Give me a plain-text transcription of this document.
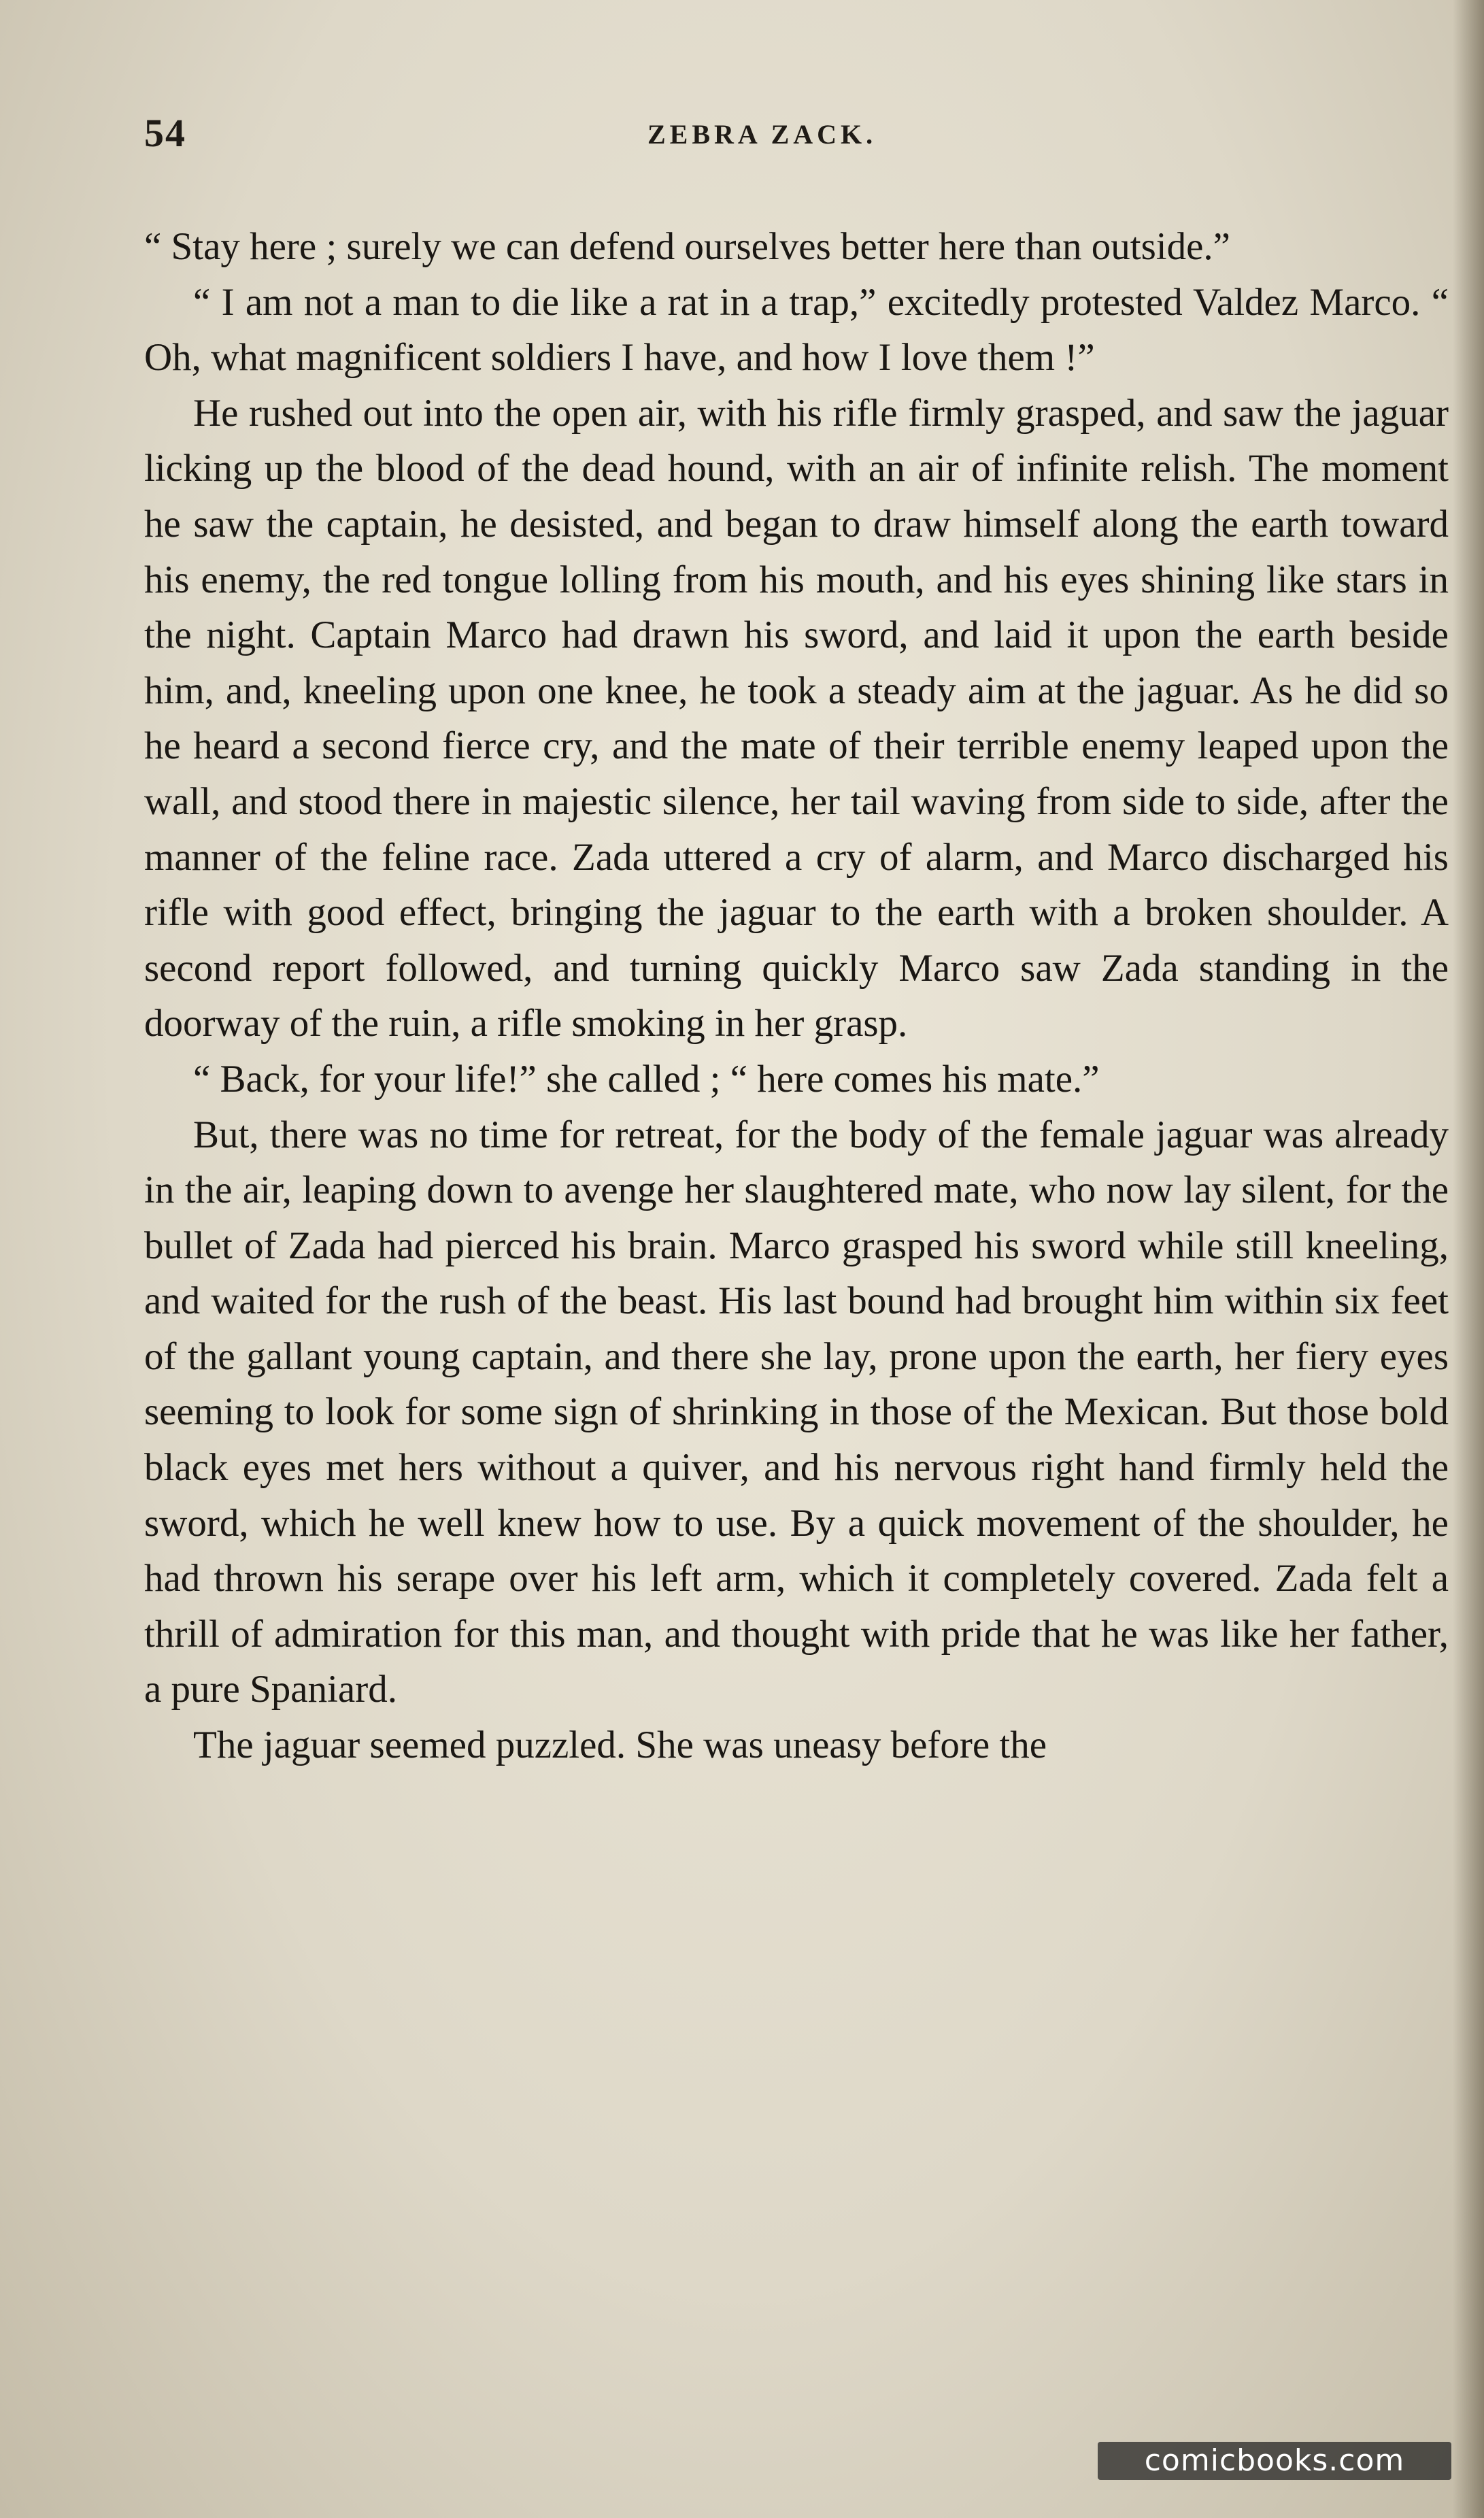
54	ZEBRA ZACK.

“ Stay here ; surely we can defend ourselves better here than outside.”

“ I am not a man to die like a rat in a trap,” excitedly protested Valdez Marco. “ Oh, what magnificent soldiers I have, and how I love them !”

He rushed out into the open air, with his rifle firmly grasped, and saw the jaguar licking up the blood of the dead hound, with an air of infinite relish. The moment he saw the captain, he desisted, and began to draw himself along the earth toward his enemy, the red tongue lolling from his mouth, and his eyes shining like stars in the night. Captain Marco had drawn his sword, and laid it upon the earth beside him, and, kneeling upon one knee, he took a steady aim at the jaguar. As he did so he heard a second fierce cry, and the mate of their terrible enemy leaped upon the wall, and stood there in majestic silence, her tail waving from side to side, after the manner of the feline race. Zada uttered a cry of alarm, and Marco discharged his rifle with good effect, bringing the jaguar to the earth with a broken shoulder. A second report followed, and turning quickly Marco saw Zada standing in the doorway of the ruin, a rifle smoking in her grasp.

“ Back, for your life!” she called ; “ here comes his mate.”

But, there was no time for retreat, for the body of the female jaguar was already in the air, leaping down to avenge her slaughtered mate, who now lay silent, for the bullet of Zada had pierced his brain. Marco grasped his sword while still kneeling, and waited for the rush of the beast. His last bound had brought him within six feet of the gallant young captain, and there she lay, prone upon the earth, her fiery eyes seeming to look for some sign of shrinking in those of the Mexican. But those bold black eyes met hers without a quiver, and his nervous right hand firmly held the sword, which he well knew how to use. By a quick movement of the shoulder, he had thrown his serape over his left arm, which it completely covered. Zada felt a thrill of admiration for this man, and thought with pride that he was like her father, a pure Spaniard.

The jaguar seemed puzzled. She was uneasy before the

comicbooks.com
